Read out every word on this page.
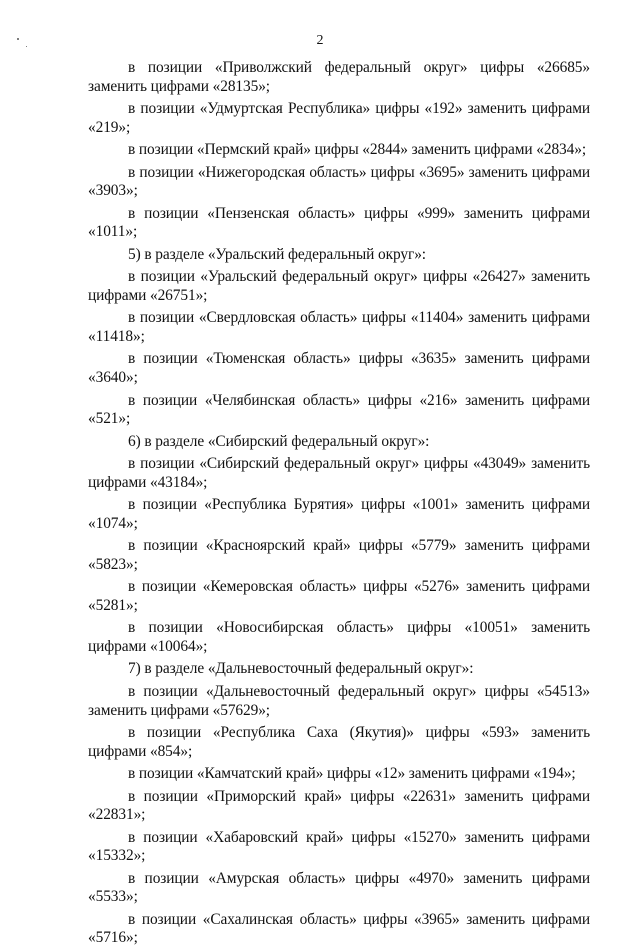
2

в позиции «Приволжский федеральный округ» цифры «26685» заменить цифрами «28135»;

в позиции «Удмуртская Республика» цифры «192» заменить цифрами «219»;

в позиции «Пермский край» цифры «2844» заменить цифрами «2834»;

в позиции «Нижегородская область» цифры «3695» заменить цифрами «3903»;

в позиции «Пензенская область» цифры «999» заменить цифрами «1011»;

5) в разделе «Уральский федеральный округ»:

в позиции «Уральский федеральный округ» цифры «26427» заменить цифрами «26751»;

в позиции «Свердловская область» цифры «11404» заменить цифрами «11418»;

в позиции «Тюменская область» цифры «3635» заменить цифрами «3640»;

в позиции «Челябинская область» цифры «216» заменить цифрами «521»;

6) в разделе «Сибирский федеральный округ»:

в позиции «Сибирский федеральный округ» цифры «43049» заменить цифрами «43184»;

в позиции «Республика Бурятия» цифры «1001» заменить цифрами «1074»;

в позиции «Красноярский край» цифры «5779» заменить цифрами «5823»;

в позиции «Кемеровская область» цифры «5276» заменить цифрами «5281»;

в позиции «Новосибирская область» цифры «10051» заменить цифрами «10064»;

7) в разделе «Дальневосточный федеральный округ»:

в позиции «Дальневосточный федеральный округ» цифры «54513» заменить цифрами «57629»;

в позиции «Республика Саха (Якутия)» цифры «593» заменить цифрами «854»;

в позиции «Камчатский край» цифры «12» заменить цифрами «194»;

в позиции «Приморский край» цифры «22631» заменить цифрами «22831»;

в позиции «Хабаровский край» цифры «15270» заменить цифрами «15332»;

в позиции «Амурская область» цифры «4970» заменить цифрами «5533»;

в позиции «Сахалинская область» цифры «3965» заменить цифрами «5716»;
